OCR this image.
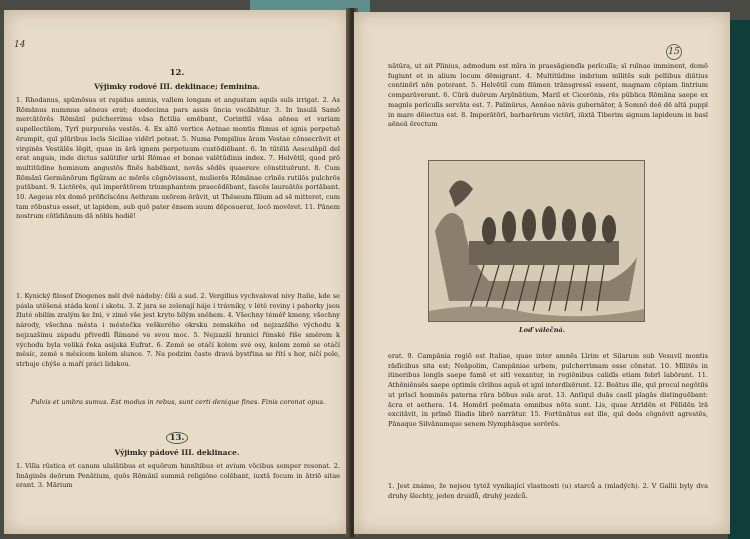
14
12.
Výjimky rodové III. deklinace; feminina.
1. Rhodanus, spūmōsus et rapidus amnis, vallem longam et angustam aquīs suīs irrigat. 2. As Rōmānus nummus aēneus erat; duodecima pars assis ūncia vocābātur. 3. In īnsulā Samō mercātōrēs Rōmānī pulcherrima vāsa fictilia emēbant, Corinthī vāsa aēnea et variam supellectilem, Tyrī purpureās vestēs. 4. Ex altō vertice Aetnae montis fūmus et ignis perpetuō ērumpit, quī plūribus locīs Siciliae vidērī potest. 5. Numa Pompilius āram Vestae cōnsecrāvit et virginēs Vestālēs lēgit, quae in ārā ignem perpetuum custōdiēbant. 6. In tūtēlā Aesculāpiī deī erat anguis, inde dictus salūtifer urbī Rōmae et bonae valētūdinis index. 7. Helvētiī, quod prō multitūdine hominum angustōs fīnēs habēbant, novās sēdēs quaerere cōnstituērunt. 8. Cum Rōmānī Germānōrum figūram ac mōrēs cōgnōvissent, mulierēs Rōmānae crīnēs rutilōs pulchrōs putābant. 9. Lictōrēs, quī imperātōrem triumphantem praecēdēbant, fascēs laureātōs portābant. 10. Aegeus rēx domō prōficīscēns Aethram uxōrem ōrāvit, ut Thēseum fīlium ad sē mitteret, cum tam rōbustus esset, ut lapidem, sub quō pater ēnsem suum dēposuerat, locō movēret. 11. Pānem nostrum cōtīdiānum dā nōbīs hodiē!
1. Kynický filosof Diogenes měl dvě nádoby: číši a sud. 2. Vergilius vychvaloval nivy Italie, kde se pásla utěšená stáda koní i skotu. 3. Z jara se zelenají háje i trávníky, v létě roviny i pahorky jsou žluté obilím zralým ke žni, v zimě vše jest kryto bílým sněhem. 4. Všechny téměř kmeny, všechny národy, všechna města i městečka veškerého okrsku zemského od nejzazšího východu k nejzazšímu západu přivedli Římané ve svou moc. 5. Nejzazší hranicí římské říše směrem k východu byla veliká řeka asijská Eufrat. 6. Země se otáčí kolem své osy, kolem země se otáčí měsíc, země s měsícem kolem slunce. 7. Na podzim často dravá bystřina se řítí s hor, ničí pole, strhuje chýše a maří práci lidskou.
Pulvis et umbra sumus. Est modus in rebus, sunt certi denique fines. Finis coronat opus.
13.
Výjimky pádové III. deklinace.
1. Villa rūstica et canum ululātibus et equōrum hinnītibus et avium vōcibus semper resonat. 2. Imāginēs deōrum Penātium, quōs Rōmānī summā religiōne colēbant, iuxtā focum in ātriō sitae erant. 3. Mārium
15
nātūra, ut ait Plinius, admodum est mīra in praesāgiendīs perīculīs; sī ruīnae imminent, domō fugiunt et in alium locum dēmigrant. 4. Multitūdine imbrium mīlitēs sub pellibus diūtius continērī nōn poterant. 5. Helvētiī cum flūmen trānsgressī essent, magnam cōpiam lintrium comparāverant. 6. Cūrā duōrum Arpīnātium, Mariī et Cicerōnis, rēs pūblica Rōmāna saepe ex magnīs perīculīs servāta est. 7. Palinūrus, Aenēae nāvis gubernātor, ā Somnō deō dē altā puppī in mare dēiectus est. 8. Imperātōrī, barbarōrum victōrī, iūxtā Tiberim signum lapideum in basī aēneā ērectum
erat. 9. Campānia regiō est Italiae, quae inter amnēs Līrim et Silarum sub Vesuviī montis rādīcibus sita est; Neāpolim, Campāniae urbem, pulcherrimam esse cōnstat. 10. Mīlitēs in itineribus longīs saepe famē et sitī vexantur, in regiōnibus calidīs etiam febrī labōrant. 11. Athēniēnsēs saepe optimīs cīvibus aquā et ignī interdīxērunt. 12. Beātus ille, quī procul negōtiīs ut prīscī hominēs paterna rūra bōbus suīs arat. 13. Antīquī duās caelī plagās distinguēbant: ācra et aethera. 14. Homērī poēmata omnibus nōta sunt. Lis, quae Atrīdēn et Pēlīdēn īrā excitāvit, in prīmō Iliadis librō narrātur. 15. Fortūnātus est ille, quī deōs cōgnōvit agrestēs, Pānaque Silvānumque senem Nymphāsque sorōrēs.
1. Jest známo, že nejsou tytéž vynikající vlastnosti (u) starců a (mladých). 2. V Gallii byly dva druhy šlechty, jeden druidů, druhý jezdců.
Loď válečná.
